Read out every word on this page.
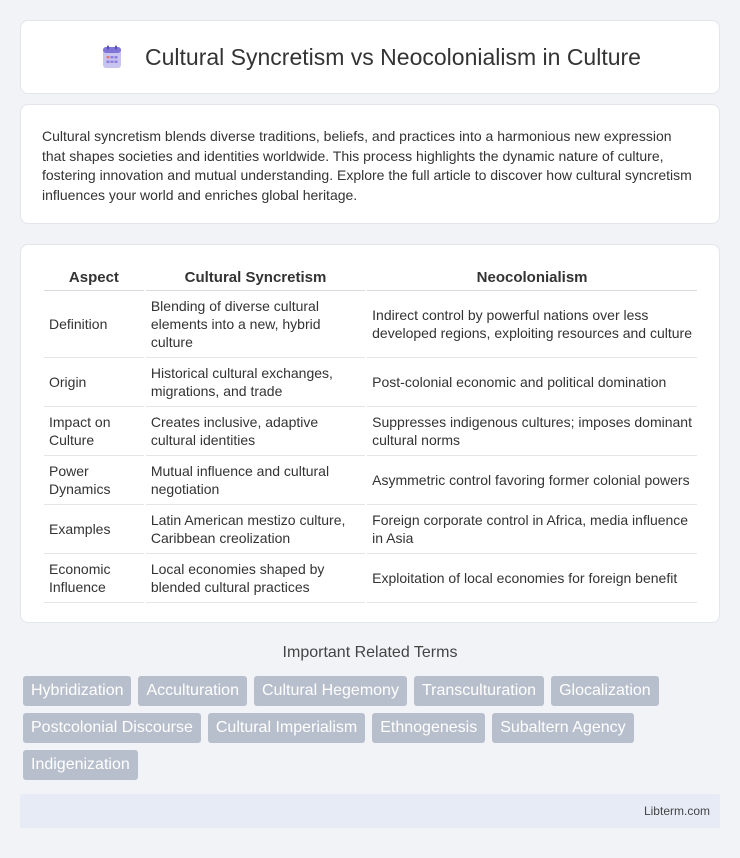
Cultural Syncretism vs Neocolonialism in Culture

Cultural syncretism blends diverse traditions, beliefs, and practices into a harmonious new expression that shapes societies and identities worldwide. This process highlights the dynamic nature of culture, fostering innovation and mutual understanding. Explore the full article to discover how cultural syncretism influences your world and enriches global heritage.

Aspect	Cultural Syncretism	Neocolonialism
Definition	Blending of diverse cultural elements into a new, hybrid culture	Indirect control by powerful nations over less developed regions, exploiting resources and culture
Origin	Historical cultural exchanges, migrations, and trade	Post-colonial economic and political domination
Impact on Culture	Creates inclusive, adaptive cultural identities	Suppresses indigenous cultures; imposes dominant cultural norms
Power Dynamics	Mutual influence and cultural negotiation	Asymmetric control favoring former colonial powers
Examples	Latin American mestizo culture, Caribbean creolization	Foreign corporate control in Africa, media influence in Asia
Economic Influence	Local economies shaped by blended cultural practices	Exploitation of local economies for foreign benefit
Important Related Terms
Hybridization	Acculturation	Cultural Hegemony	Transculturation	Glocalization
Postcolonial Discourse	Cultural Imperialism	Ethnogenesis	Subaltern Agency
Indigenization
Libterm.com
